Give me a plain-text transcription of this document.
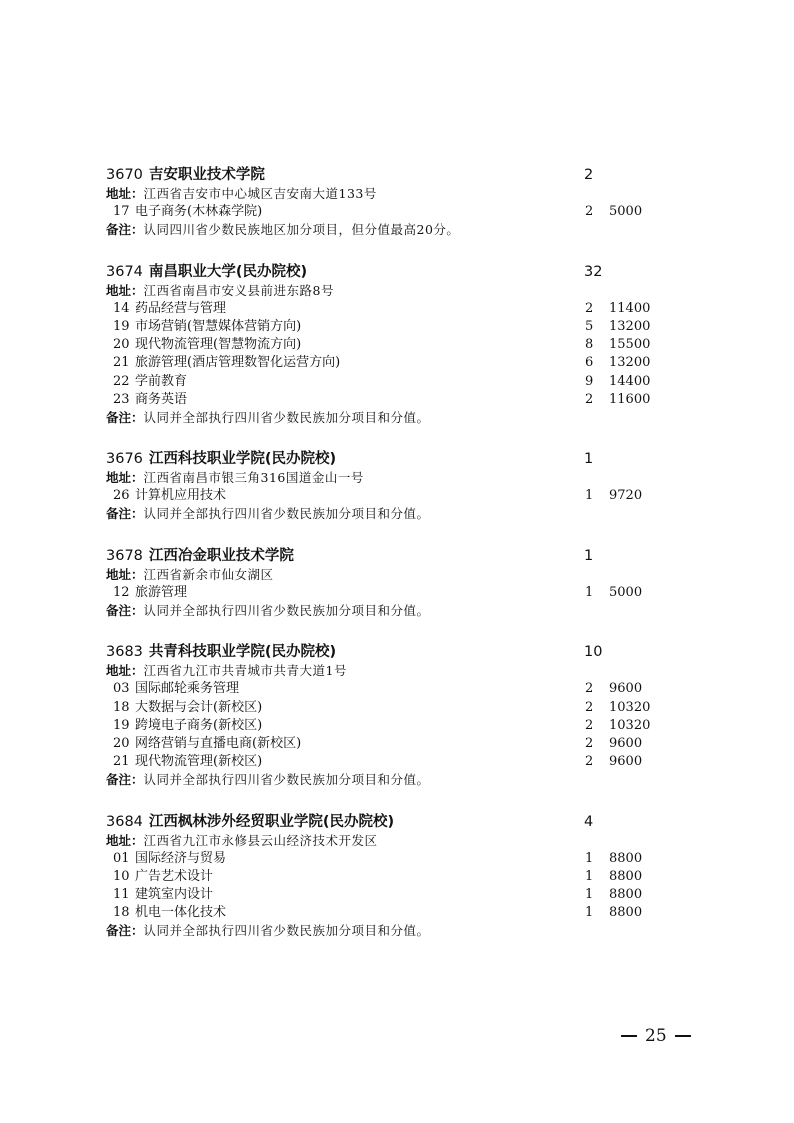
3670 吉安职业技术学院	2
地址：江西省吉安市中心城区吉安南大道133号
17 电子商务(木林森学院)	2 5000
备注：认同四川省少数民族地区加分项目，但分值最高20分。
3674 南昌职业大学(民办院校)	32
地址：江西省南昌市安义县前进东路8号
14 药品经营与管理	2 11400
19 市场营销(智慧媒体营销方向)	5 13200
20 现代物流管理(智慧物流方向)	8 15500
21 旅游管理(酒店管理数智化运营方向)	6 13200
22 学前教育	9 14400
23 商务英语	2 11600
备注：认同并全部执行四川省少数民族加分项目和分值。
3676 江西科技职业学院(民办院校)	1
地址：江西省南昌市银三角316国道金山一号
26 计算机应用技术	1 9720
备注：认同并全部执行四川省少数民族加分项目和分值。
3678 江西冶金职业技术学院	1
地址：江西省新余市仙女湖区
12 旅游管理	1 5000
备注：认同并全部执行四川省少数民族加分项目和分值。
3683 共青科技职业学院(民办院校)	10
地址：江西省九江市共青城市共青大道1号
03 国际邮轮乘务管理	2 9600
18 大数据与会计(新校区)	2 10320
19 跨境电子商务(新校区)	2 10320
20 网络营销与直播电商(新校区)	2 9600
21 现代物流管理(新校区)	2 9600
备注：认同并全部执行四川省少数民族加分项目和分值。
3684 江西枫林涉外经贸职业学院(民办院校)	4
地址：江西省九江市永修县云山经济技术开发区
01 国际经济与贸易	1 8800
10 广告艺术设计	1 8800
11 建筑室内设计	1 8800
18 机电一体化技术	1 8800
备注：认同并全部执行四川省少数民族加分项目和分值。
25
